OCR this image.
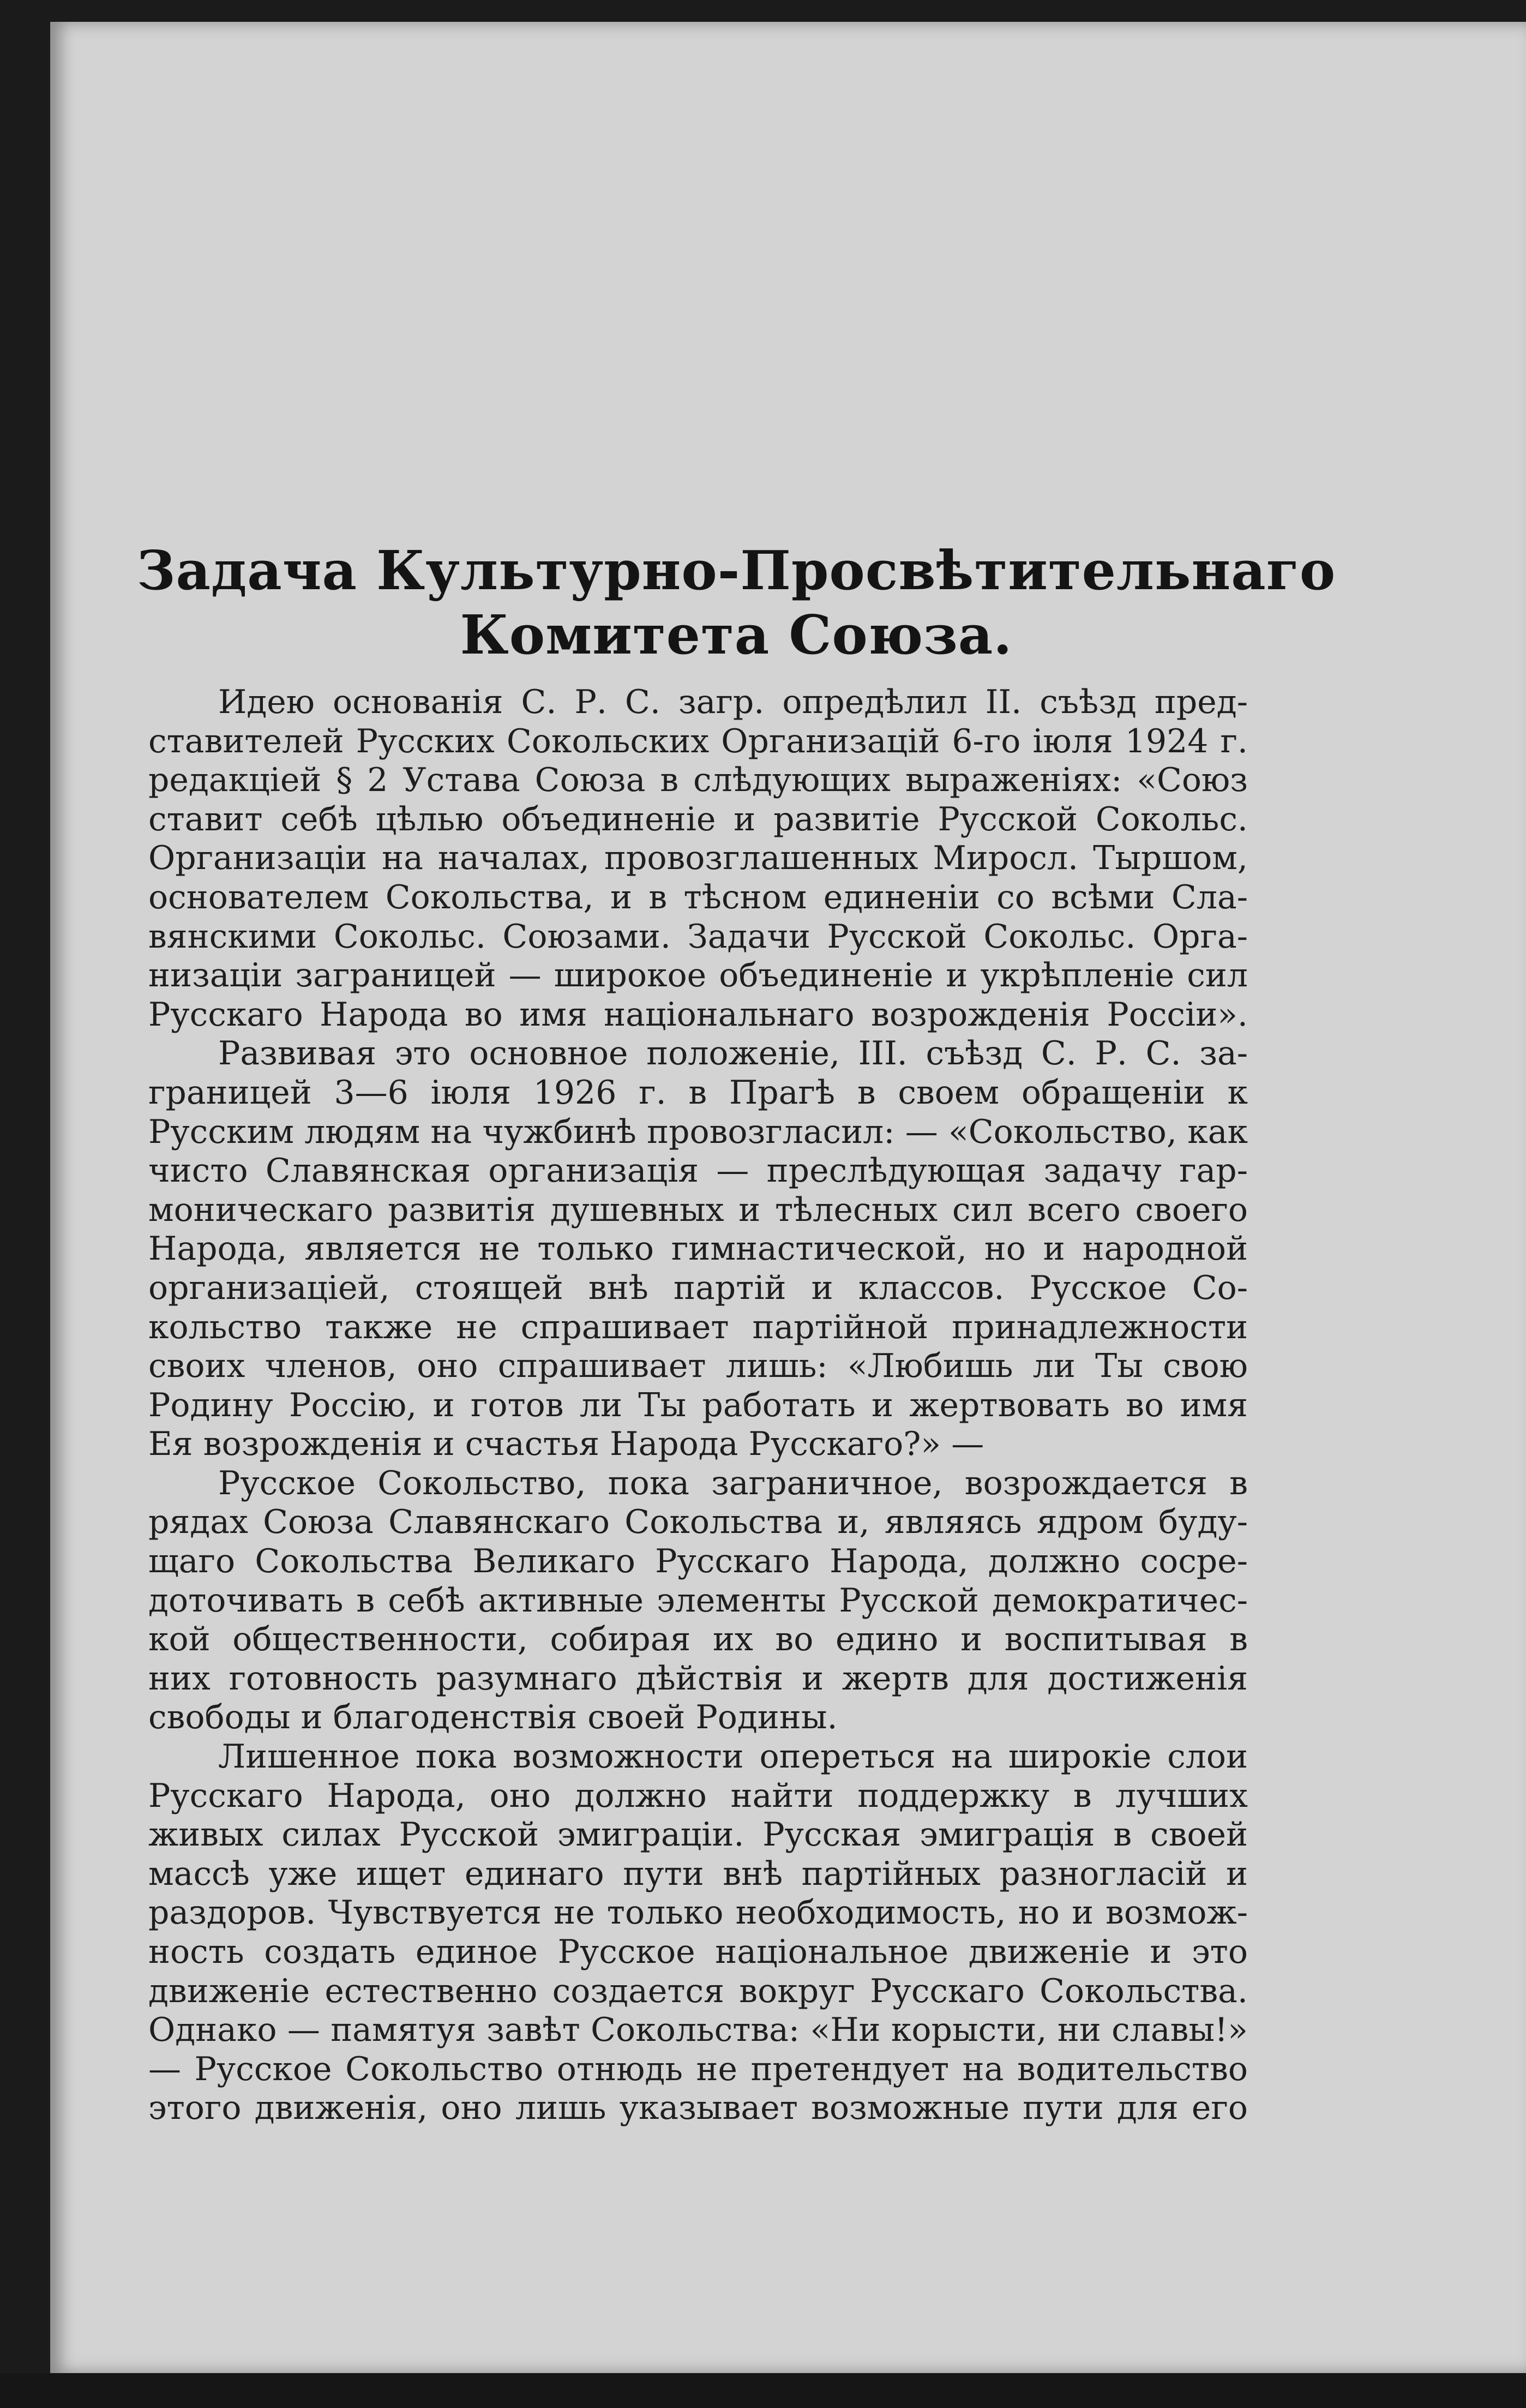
Задача Культурно-Просвѣтительнаго
Комитета Союза.
Идею основанія С. Р. С. загр. опредѣлил II. съѣзд пред-
ставителей Русских Сокольских Организацій 6-го іюля 1924 г.
редакціей § 2 Устава Союза в слѣдующих выраженіях: «Союз
ставит себѣ цѣлью объединеніе и развитіе Русской Сокольс.
Организаціи на началах, провозглашенных Миросл. Тыршом,
основателем Сокольства, и в тѣсном единеніи со всѣми Сла-
вянскими Сокольс. Союзами. Задачи Русской Сокольс. Орга-
низаціи заграницей — широкое объединеніе и укрѣпленіе сил
Русскаго Народа во имя національнаго возрожденія Россіи».
Развивая это основное положеніе, III. съѣзд С. Р. С. за-
границей 3—6 іюля 1926 г. в Прагѣ в своем обращеніи к
Русским людям на чужбинѣ провозгласил: — «Сокольство, как
чисто Славянская организація — преслѣдующая задачу гар-
моническаго развитія душевных и тѣлесных сил всего своего
Народа, является не только гимнастической, но и народной
организаціей, стоящей внѣ партій и классов. Русское Со-
кольство также не спрашивает партійной принадлежности
своих членов, оно спрашивает лишь: «Любишь ли Ты свою
Родину Россію, и готов ли Ты работать и жертвовать во имя
Ея возрожденія и счастья Народа Русскаго?» —
Русское Сокольство, пока заграничное, возрождается в
рядах Союза Славянскаго Сокольства и, являясь ядром буду-
щаго Сокольства Великаго Русскаго Народа, должно сосре-
доточивать в себѣ активные элементы Русской демократичес-
кой общественности, собирая их во едино и воспитывая в
них готовность разумнаго дѣйствія и жертв для достиженія
свободы и благоденствія своей Родины.
Лишенное пока возможности опереться на широкіе слои
Русскаго Народа, оно должно найти поддержку в лучших
живых силах Русской эмиграціи. Русская эмиграція в своей
массѣ уже ищет единаго пути внѣ партійных разногласій и
раздоров. Чувствуется не только необходимость, но и возмож-
ность создать единое Русское національное движеніе и это
движеніе естественно создается вокруг Русскаго Сокольства.
Однако — памятуя завѣт Сокольства: «Ни корысти, ни славы!»
— Русское Сокольство отнюдь не претендует на водительство
этого движенія, оно лишь указывает возможные пути для его
